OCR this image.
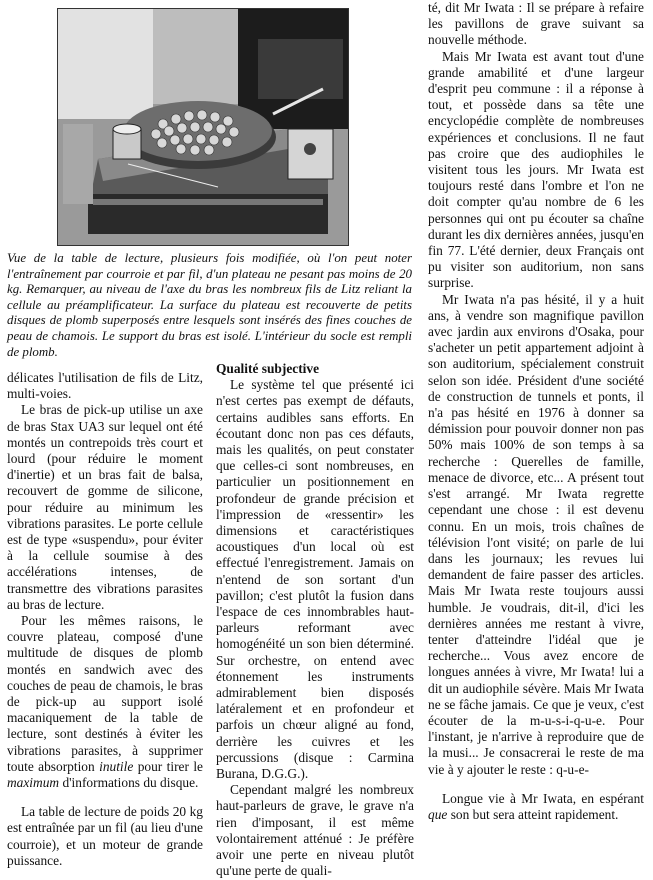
Vue de la table de lecture, plusieurs fois modifiée, où l'on peut noter l'entraînement par courroie et par fil, d'un plateau ne pesant pas moins de 20 kg. Remarquer, au niveau de l'axe du bras les nombreux fils de Litz reliant la cellule au préamplificateur. La surface du plateau est recouverte de petits disques de plomb superposés entre lesquels sont insérés des fines couches de peau de chamois. Le support du bras est isolé. L'intérieur du socle est rempli de plomb.

délicates l'utilisation de fils de Litz, multi-voies.

Le bras de pick-up utilise un axe de bras Stax UA3 sur lequel ont été montés un contrepoids très court et lourd (pour réduire le moment d'inertie) et un bras fait de balsa, recouvert de gomme de silicone, pour réduire au minimum les vibrations parasites. Le porte cellule est de type «suspendu», pour éviter à la cellule soumise à des accélérations intenses, de transmettre des vibrations parasites au bras de lecture.

Pour les mêmes raisons, le couvre plateau, composé d'une multitude de disques de plomb montés en sandwich avec des couches de peau de chamois, le bras de pick-up au support isolé macaniquement de la table de lecture, sont destinés à éviter les vibrations parasites, à supprimer toute absorption inutile pour tirer le maximum d'informations du disque.

La table de lecture de poids 20 kg est entraînée par un fil (au lieu d'une courroie), et un moteur de grande puissance.

Qualité subjective

Le système tel que présenté ici n'est certes pas exempt de défauts, certains audibles sans efforts. En écoutant donc non pas ces défauts, mais les qualités, on peut constater que celles-ci sont nombreuses, en particulier un positionnement en profondeur de grande précision et l'impression de «ressentir» les dimensions et caractéristiques acoustiques d'un local où est effectué l'enregistrement. Jamais on n'entend de son sortant d'un pavillon; c'est plutôt la fusion dans l'espace de ces innombrables haut-parleurs reformant avec homogénéité un son bien déterminé. Sur orchestre, on entend avec étonnement les instruments admirablement bien disposés latéralement et en profondeur et parfois un chœur aligné au fond, derrière les cuivres et les percussions (disque : Carmina Burana, D.G.G.).

Cependant malgré les nombreux haut-parleurs de grave, le grave n'a rien d'imposant, il est même volontairement atténué : Je préfère avoir une perte en niveau plutôt qu'une perte de quali-

té, dit Mr Iwata : Il se prépare à refaire les pavillons de grave suivant sa nouvelle méthode.

Mais Mr Iwata est avant tout d'une grande amabilité et d'une largeur d'esprit peu commune : il a réponse à tout, et possède dans sa tête une encyclopédie complète de nombreuses expériences et conclusions. Il ne faut pas croire que des audiophiles le visitent tous les jours. Mr Iwata est toujours resté dans l'ombre et l'on ne doit compter qu'au nombre de 6 les personnes qui ont pu écouter sa chaîne durant les dix dernières années, jusqu'en fin 77. L'été dernier, deux Français ont pu visiter son auditorium, non sans surprise.

Mr Iwata n'a pas hésité, il y a huit ans, à vendre son magnifique pavillon avec jardin aux environs d'Osaka, pour s'acheter un petit appartement adjoint à son auditorium, spécialement construit selon son idée. Président d'une société de construction de tunnels et ponts, il n'a pas hésité en 1976 à donner sa démission pour pouvoir donner non pas 50% mais 100% de son temps à sa recherche : Querelles de famille, menace de divorce, etc... A présent tout s'est arrangé. Mr Iwata regrette cependant une chose : il est devenu connu. En un mois, trois chaînes de télévision l'ont visité; on parle de lui dans les journaux; les revues lui demandent de faire passer des articles. Mais Mr Iwata reste toujours aussi humble. Je voudrais, dit-il, d'ici les dernières années me restant à vivre, tenter d'atteindre l'idéal que je recherche... Vous avez encore de longues années à vivre, Mr Iwata! lui a dit un audiophile sévère. Mais Mr Iwata ne se fâche jamais. Ce que je veux, c'est écouter de la m-u-s-i-q-u-e. Pour l'instant, je n'arrive à reproduire que de la musi... Je consacrerai le reste de ma vie à y ajouter le reste : q-u-e-

Longue vie à Mr Iwata, en espérant que son but sera atteint rapidement.
